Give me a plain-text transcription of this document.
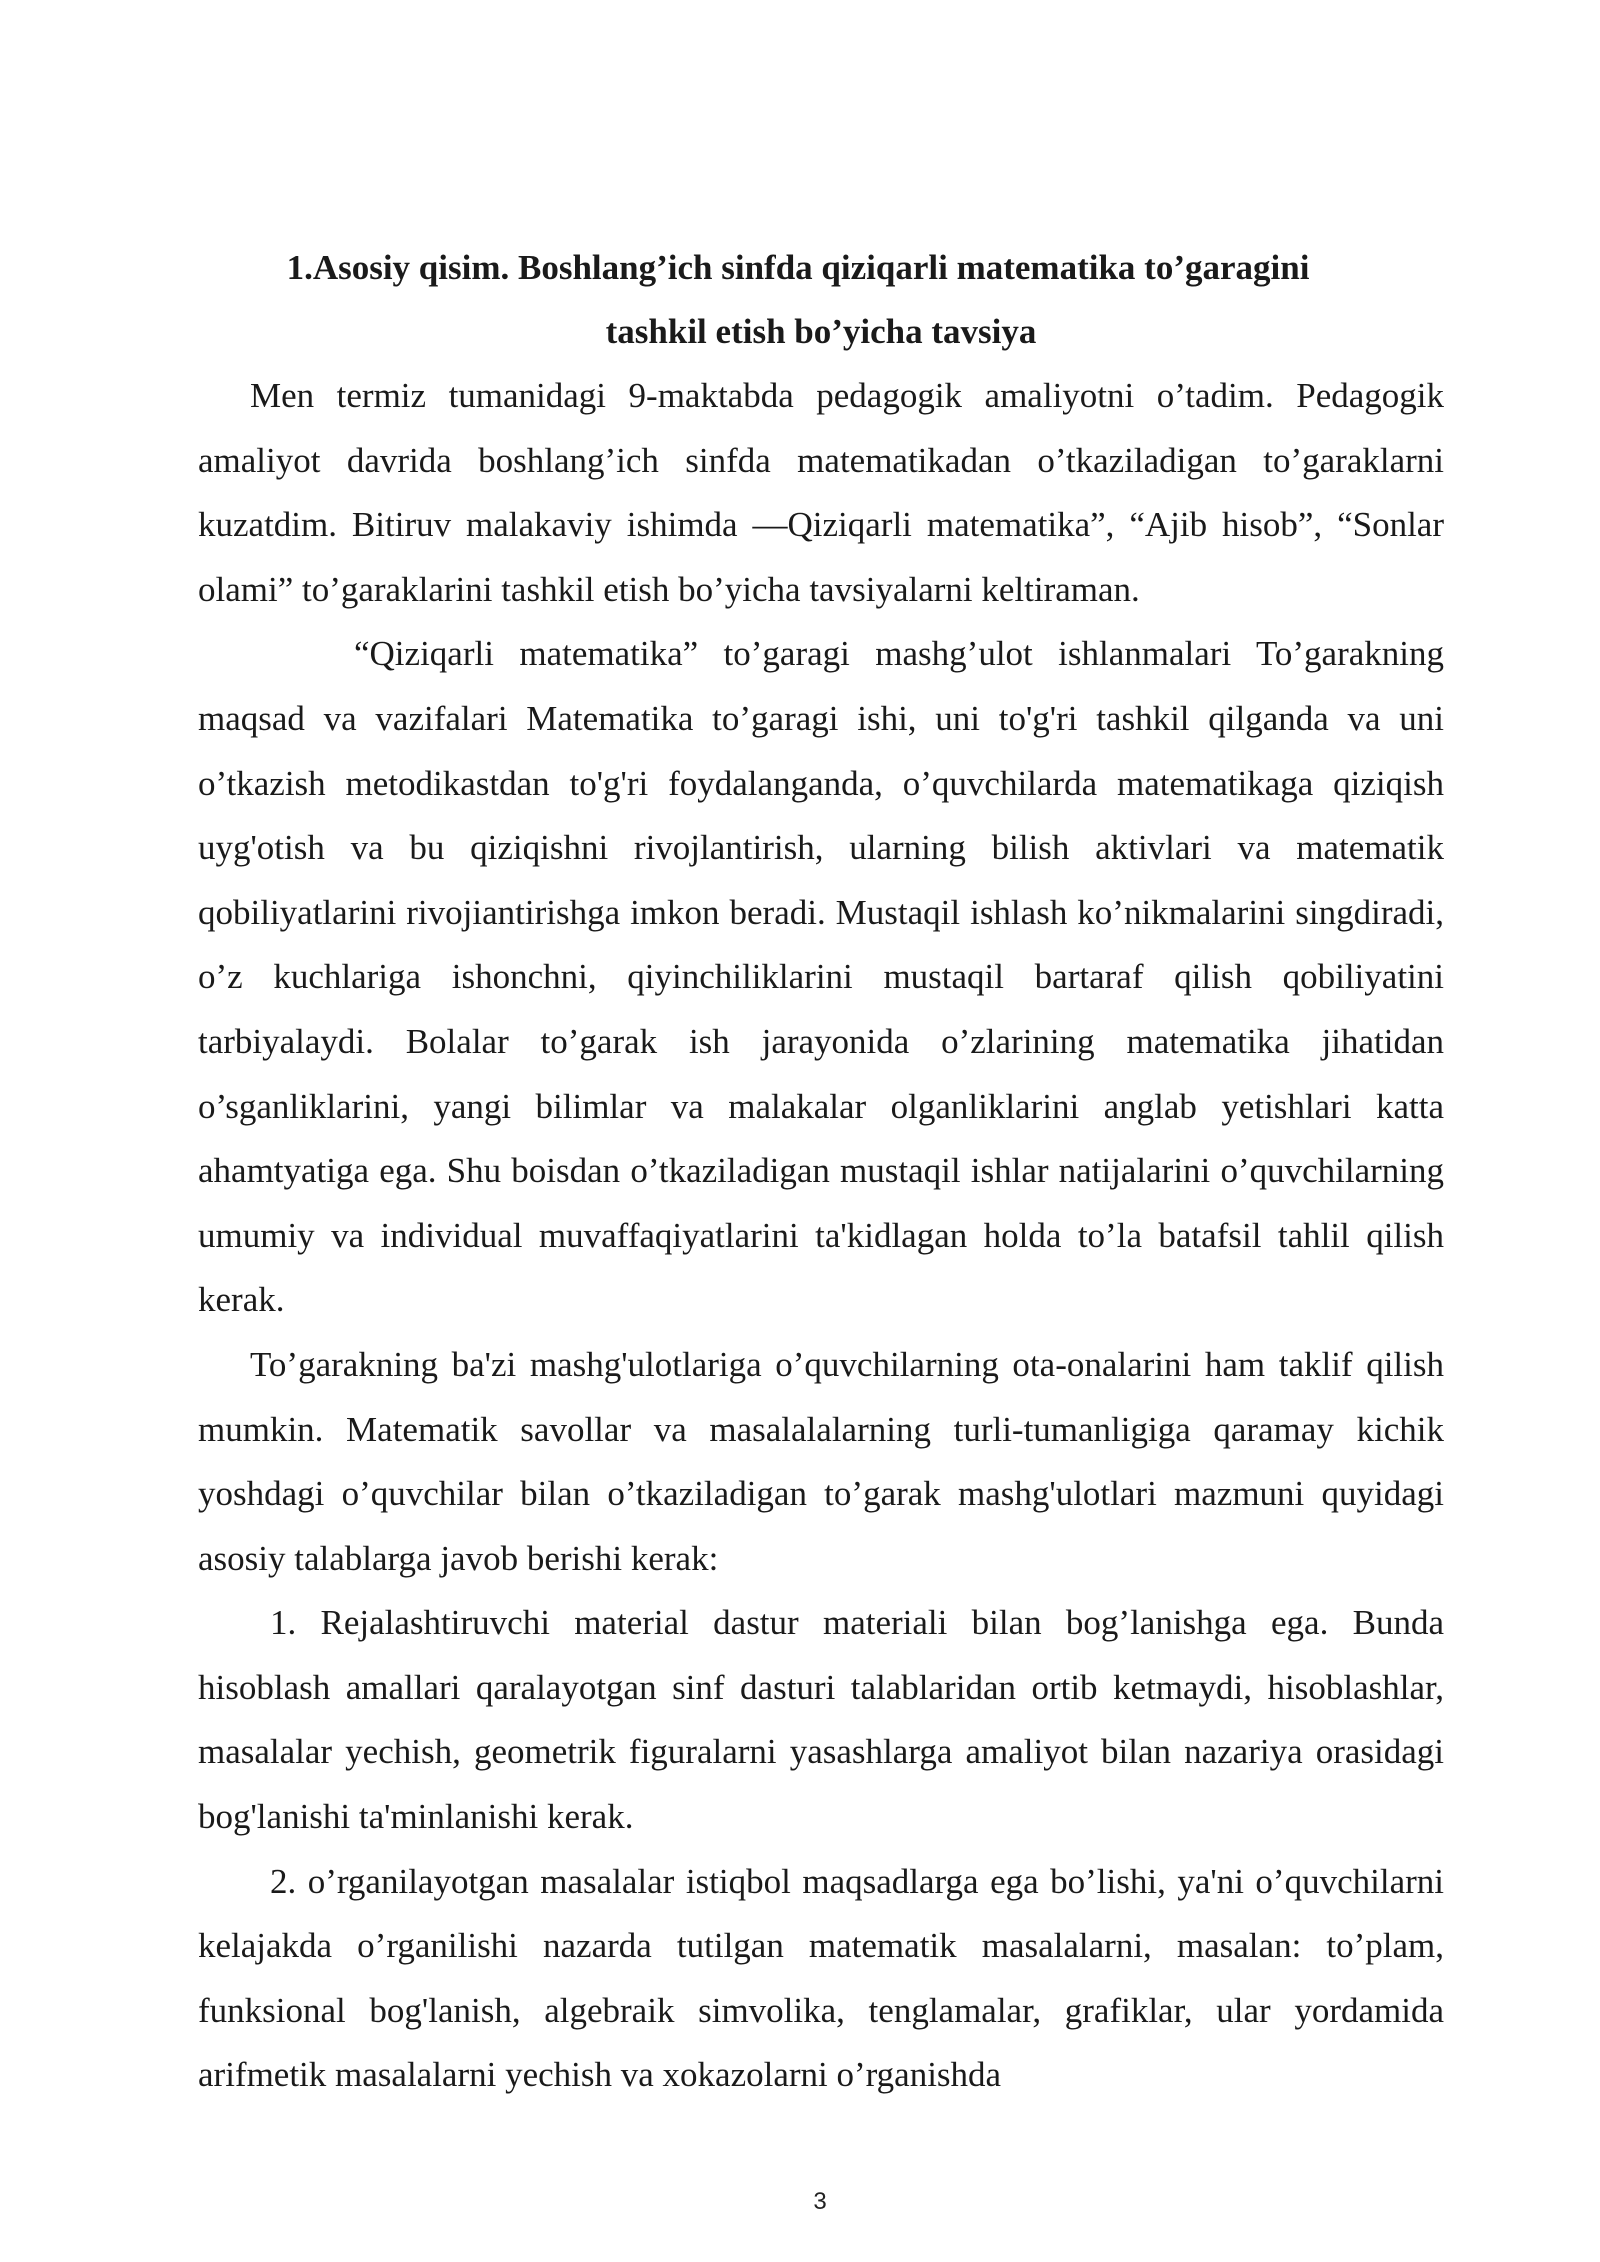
1.Asosiy qisim. Boshlang’ich sinfda qiziqarli matematika to’garagini
tashkil etish bo’yicha tavsiya

Men termiz tumanidagi 9-maktabda pedagogik amaliyotni o’tadim. Pedagogik amaliyot davrida boshlang’ich sinfda matematikadan o’tkaziladigan to’garaklarni kuzatdim. Bitiruv malakaviy ishimda —Qiziqarli matematika”, “Ajib hisob”, “Sonlar olami” to’garaklarini tashkil etish bo’yicha tavsiyalarni keltiraman.

“Qiziqarli matematika” to’garagi mashg’ulot ishlanmalari To’garakning maqsad va vazifalari Matematika to’garagi ishi, uni to'g'ri tashkil qilganda va uni o’tkazish metodikastdan to'g'ri foydalanganda, o’quvchilarda matematikaga qiziqish uyg'otish va bu qiziqishni rivojlantirish, ularning bilish aktivlari va matematik qobiliyatlarini rivojiantirishga imkon beradi. Mustaqil ishlash ko’nikmalarini singdiradi, o’z kuchlariga ishonchni, qiyinchiliklarini mustaqil bartaraf qilish qobiliyatini tarbiyalaydi. Bolalar to’garak ish jarayonida o’zlarining matematika jihatidan o’sganliklarini, yangi bilimlar va malakalar olganliklarini anglab yetishlari katta ahamtyatiga ega. Shu boisdan o’tkaziladigan mustaqil ishlar natijalarini o’quvchilarning umumiy va individual muvaffaqiyatlarini ta'kidlagan holda to’la batafsil tahlil qilish kerak.

To’garakning ba'zi mashg'ulotlariga o’quvchilarning ota-onalarini ham taklif qilish mumkin. Matematik savollar va masalalalarning turli-tumanligiga qaramay kichik yoshdagi o’quvchilar bilan o’tkaziladigan to’garak mashg'ulotlari mazmuni quyidagi asosiy talablarga javob berishi kerak:

1. Rejalashtiruvchi material dastur materiali bilan bog’lanishga ega. Bunda hisoblash amallari qaralayotgan sinf dasturi talablaridan ortib ketmaydi, hisoblashlar, masalalar yechish, geometrik figuralarni yasashlarga amaliyot bilan nazariya orasidagi bog'lanishi ta'minlanishi kerak.

2. o’rganilayotgan masalalar istiqbol maqsadlarga ega bo’lishi, ya'ni o’quvchilarni kelajakda o’rganilishi nazarda tutilgan matematik masalalarni, masalan: to’plam, funksional bog'lanish, algebraik simvolika, tenglamalar, grafiklar, ular yordamida arifmetik masalalarni yechish va xokazolarni o’rganishda

3
